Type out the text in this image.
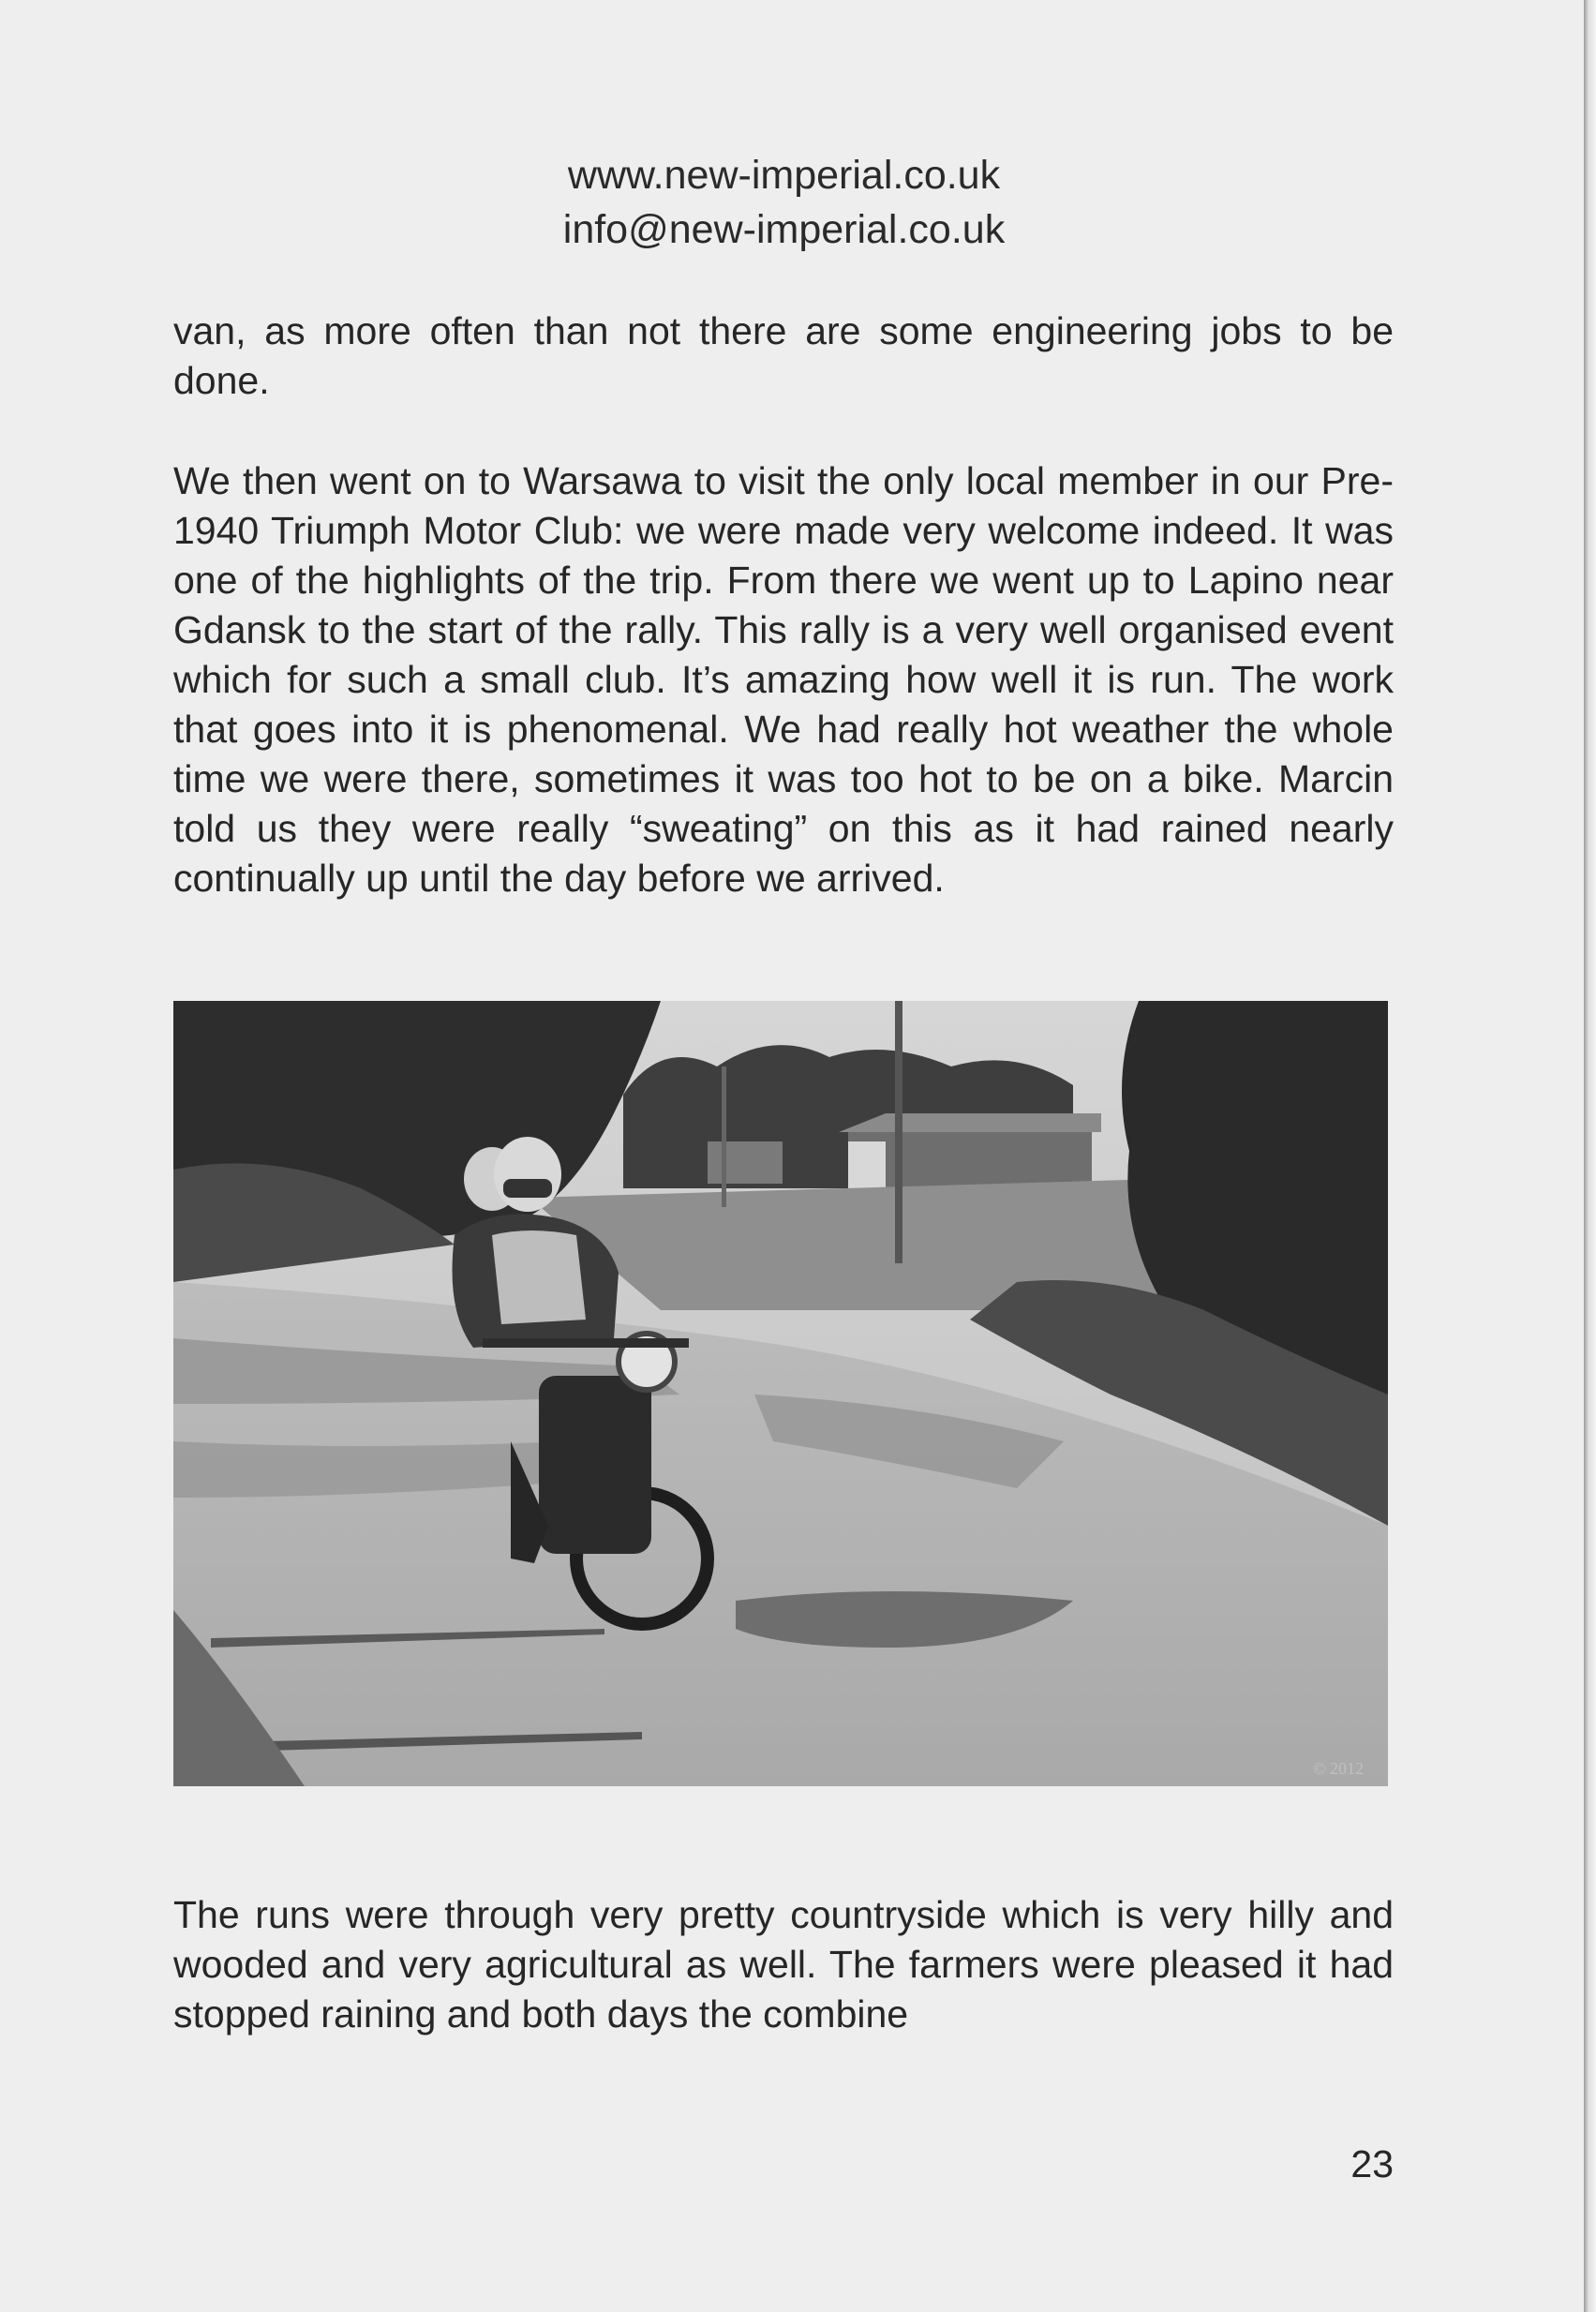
www.new-imperial.co.uk
info@new-imperial.co.uk

van, as more often than not there are some engineering jobs to be done.

We then went on to Warsawa to visit the only local member in our Pre-1940 Triumph Motor Club: we were made very welcome indeed. It was one of the highlights of the trip. From there we went up to Lapino near Gdansk to the start of the rally. This rally is a very well organised event which for such a small club. It’s amazing how well it is run. The work that goes into it is phenomenal. We had really hot weather the whole time we were there, sometimes it was too hot to be on a bike. Marcin told us they were really “sweating” on this as it had rained nearly continually up until the day before we arrived.

© 2012

The runs were through very pretty countryside which is very hilly and wooded and very agricultural as well. The farmers were pleased it had stopped raining and both days the combine

23
